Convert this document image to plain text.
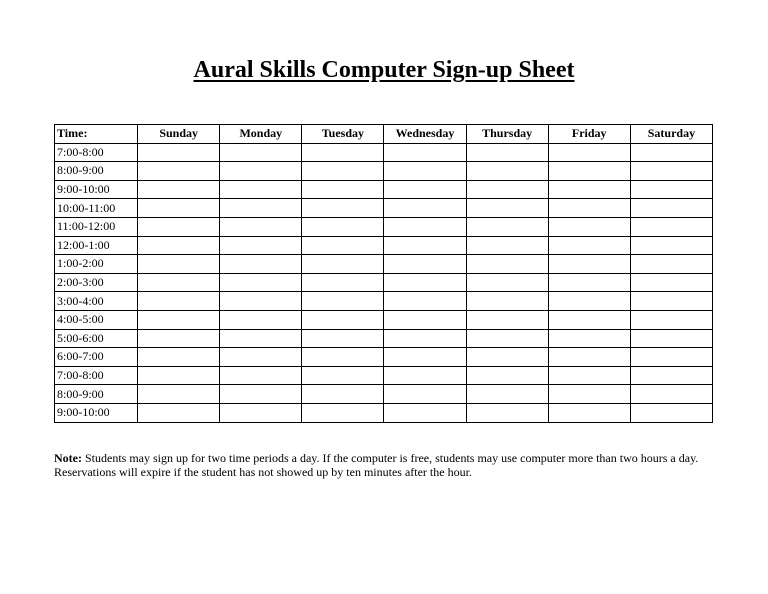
Aural Skills Computer Sign-up Sheet
Time:	Sunday	Monday	Tuesday	Wednesday	Thursday	Friday	Saturday
7:00-8:00							
8:00-9:00							
9:00-10:00							
10:00-11:00							
11:00-12:00							
12:00-1:00							
1:00-2:00							
2:00-3:00							
3:00-4:00							
4:00-5:00							
5:00-6:00							
6:00-7:00							
7:00-8:00							
8:00-9:00							
9:00-10:00							
Note: Students may sign up for two time periods a day. If the computer is free, students may use computer more than two hours a day.
Reservations will expire if the student has not showed up by ten minutes after the hour.
